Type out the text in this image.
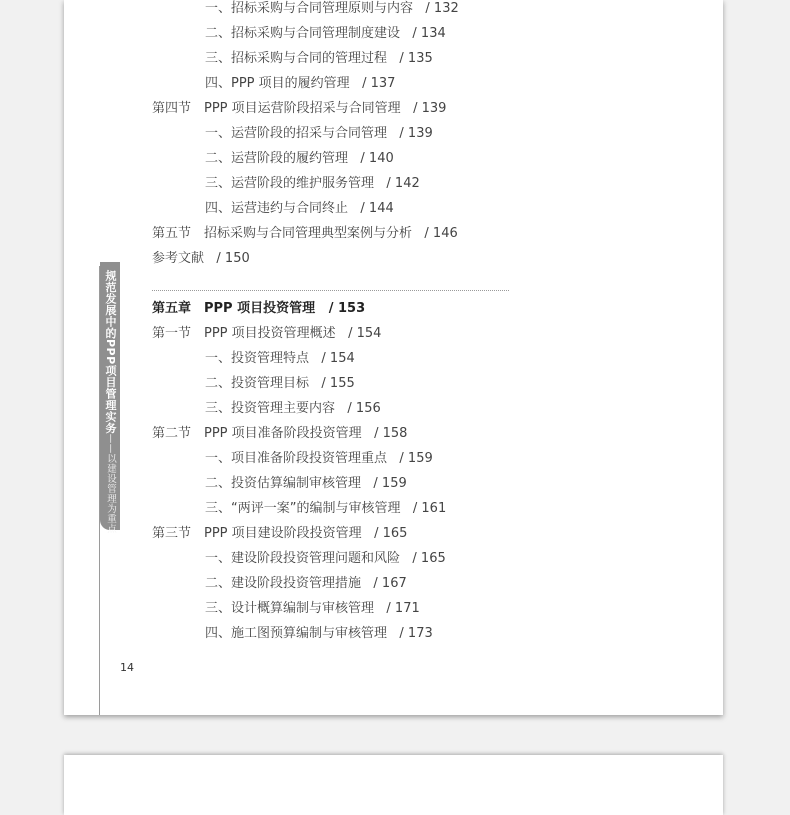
规范发展中的PPP项目管理实务——以建设管理为重点
一、招标采购与合同管理原则与内容 / 132
二、招标采购与合同管理制度建设 / 134
三、招标采购与合同的管理过程 / 135
四、PPP 项目的履约管理 / 137
第四节　PPP 项目运营阶段招采与合同管理 / 139
一、运营阶段的招采与合同管理 / 139
二、运营阶段的履约管理 / 140
三、运营阶段的维护服务管理 / 142
四、运营违约与合同终止 / 144
第五节　招标采购与合同管理典型案例与分析 / 146
参考文献 / 150
第五章　PPP 项目投资管理 / 153
第一节　PPP 项目投资管理概述 / 154
一、投资管理特点 / 154
二、投资管理目标 / 155
三、投资管理主要内容 / 156
第二节　PPP 项目准备阶段投资管理 / 158
一、项目准备阶段投资管理重点 / 159
二、投资估算编制审核管理 / 159
三、“两评一案”的编制与审核管理 / 161
第三节　PPP 项目建设阶段投资管理 / 165
一、建设阶段投资管理问题和风险 / 165
二、建设阶段投资管理措施 / 167
三、设计概算编制与审核管理 / 171
四、施工图预算编制与审核管理 / 173
14
